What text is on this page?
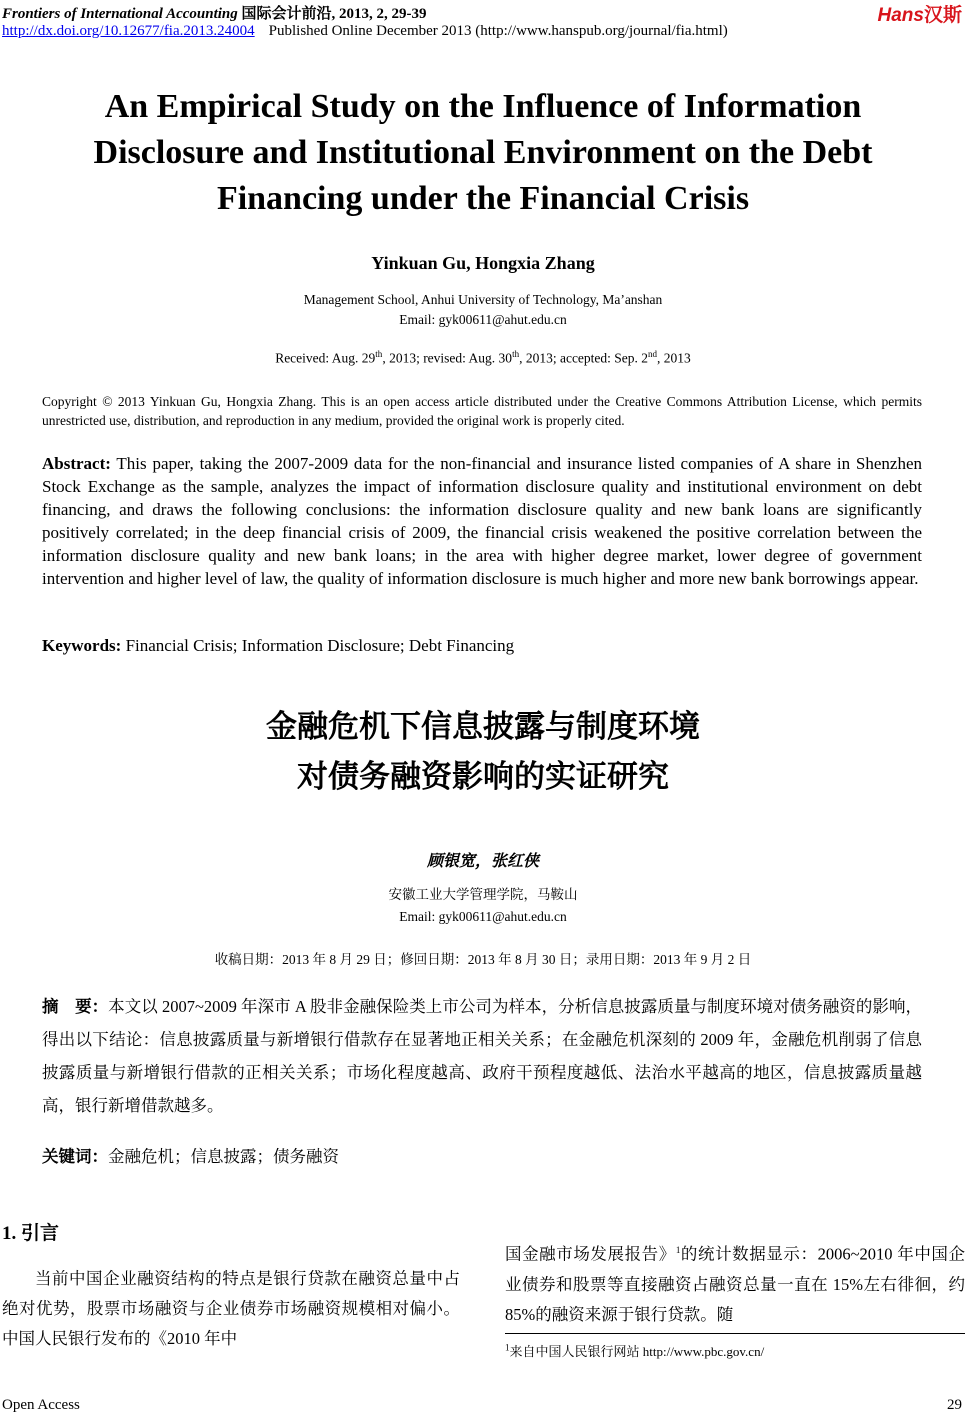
Frontiers of International Accounting 国际会计前沿, 2013, 2, 29-39	Hans汉斯
http://dx.doi.org/10.12677/fia.2013.24004 Published Online December 2013 (http://www.hanspub.org/journal/fia.html)
An Empirical Study on the Influence of Information Disclosure and Institutional Environment on the Debt Financing under the Financial Crisis
Yinkuan Gu, Hongxia Zhang
Management School, Anhui University of Technology, Ma’anshan
Email: gyk00611@ahut.edu.cn
Received: Aug. 29th, 2013; revised: Aug. 30th, 2013; accepted: Sep. 2nd, 2013
Copyright © 2013 Yinkuan Gu, Hongxia Zhang. This is an open access article distributed under the Creative Commons Attribution License, which permits unrestricted use, distribution, and reproduction in any medium, provided the original work is properly cited.
Abstract: This paper, taking the 2007-2009 data for the non-financial and insurance listed companies of A share in Shenzhen Stock Exchange as the sample, analyzes the impact of information disclosure quality and institutional environment on debt financing, and draws the following conclusions: the information disclosure quality and new bank loans are significantly positively correlated; in the deep financial crisis of 2009, the financial crisis weakened the positive correlation between the information disclosure quality and new bank loans; in the area with higher degree market, lower degree of government intervention and higher level of law, the quality of information disclosure is much higher and more new bank borrowings appear.
Keywords: Financial Crisis; Information Disclosure; Debt Financing
金融危机下信息披露与制度环境
对债务融资影响的实证研究
顾银宽，张红侠
安徽工业大学管理学院，马鞍山
Email: gyk00611@ahut.edu.cn
收稿日期：2013 年 8 月 29 日；修回日期：2013 年 8 月 30 日；录用日期：2013 年 9 月 2 日
摘　要：本文以 2007~2009 年深市 A 股非金融保险类上市公司为样本，分析信息披露质量与制度环境对债务融资的影响，得出以下结论：信息披露质量与新增银行借款存在显著地正相关关系；在金融危机深刻的 2009 年，金融危机削弱了信息披露质量与新增银行借款的正相关关系；市场化程度越高、政府干预程度越低、法治水平越高的地区，信息披露质量越高，银行新增借款越多。
关键词：金融危机；信息披露；债务融资
1. 引言
当前中国企业融资结构的特点是银行贷款在融资总量中占绝对优势，股票市场融资与企业债券市场融资规模相对偏小。中国人民银行发布的《2010 年中
国金融市场发展报告》$^1$的统计数据显示：2006~2010 年中国企业债券和股票等直接融资占融资总量一直在 15%左右徘徊，约 85%的融资来源于银行贷款。随
$^1$来自中国人民银行网站 http://www.pbc.gov.cn/
Open Access	29
